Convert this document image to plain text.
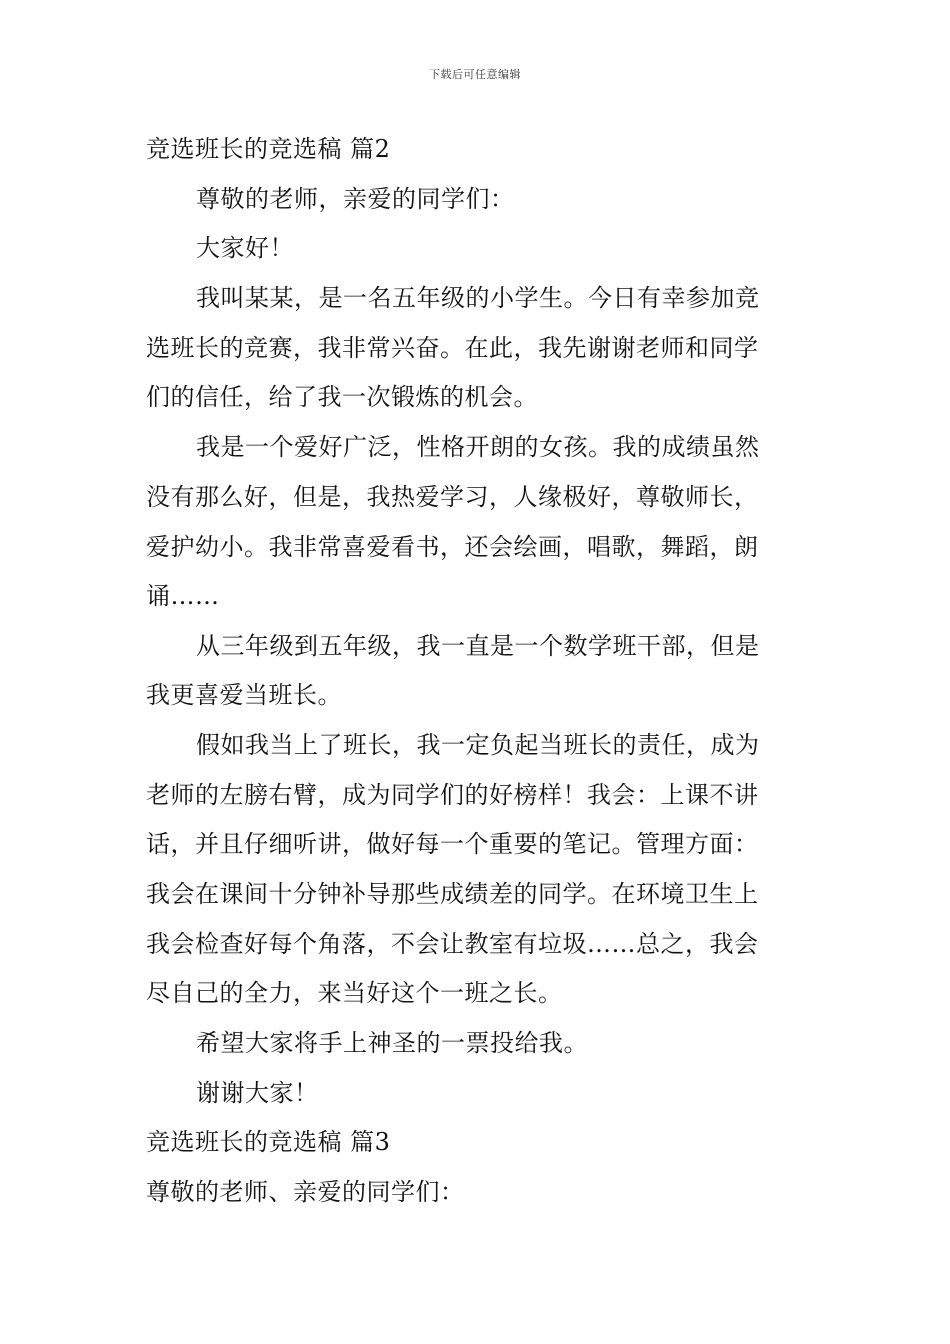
下载后可任意编辑
竞选班长的竞选稿 篇2
尊敬的老师，亲爱的同学们：
大家好！
我叫某某，是一名五年级的小学生。今日有幸参加竞
选班长的竞赛，我非常兴奋。在此，我先谢谢老师和同学
们的信任，给了我一次锻炼的机会。
我是一个爱好广泛，性格开朗的女孩。我的成绩虽然
没有那么好，但是，我热爱学习，人缘极好，尊敬师长，
爱护幼小。我非常喜爱看书，还会绘画，唱歌，舞蹈，朗
诵……
从三年级到五年级，我一直是一个数学班干部，但是
我更喜爱当班长。
假如我当上了班长，我一定负起当班长的责任，成为
老师的左膀右臂，成为同学们的好榜样！我会：上课不讲
话，并且仔细听讲，做好每一个重要的笔记。管理方面：
我会在课间十分钟补导那些成绩差的同学。在环境卫生上
我会检查好每个角落，不会让教室有垃圾……总之，我会
尽自己的全力，来当好这个一班之长。
希望大家将手上神圣的一票投给我。
谢谢大家！
竞选班长的竞选稿 篇3
尊敬的老师、亲爱的同学们：
